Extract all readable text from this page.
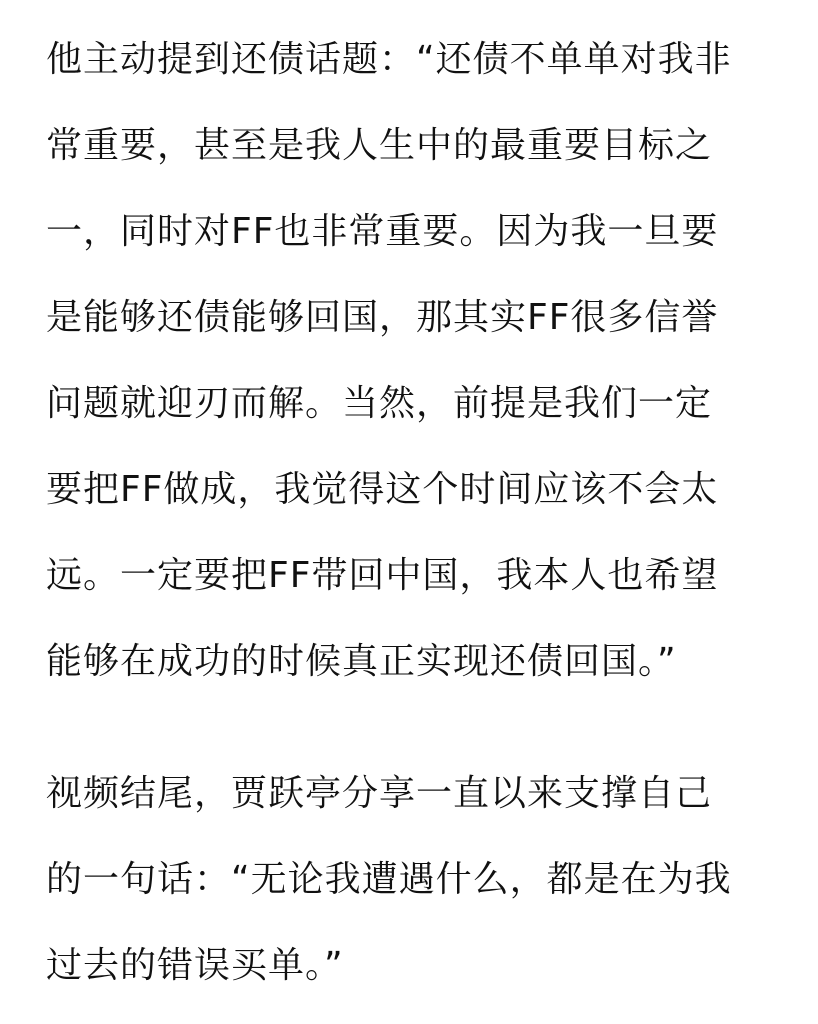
他主动提到还债话题：“还债不单单对我非
常重要，甚至是我人生中的最重要目标之
一，同时对FF也非常重要。因为我一旦要
是能够还债能够回国，那其实FF很多信誉
问题就迎刃而解。当然，前提是我们一定
要把FF做成，我觉得这个时间应该不会太
远。一定要把FF带回中国，我本人也希望
能够在成功的时候真正实现还债回国。”
视频结尾，贾跃亭分享一直以来支撑自己
的一句话：“无论我遭遇什么，都是在为我
过去的错误买单。”
